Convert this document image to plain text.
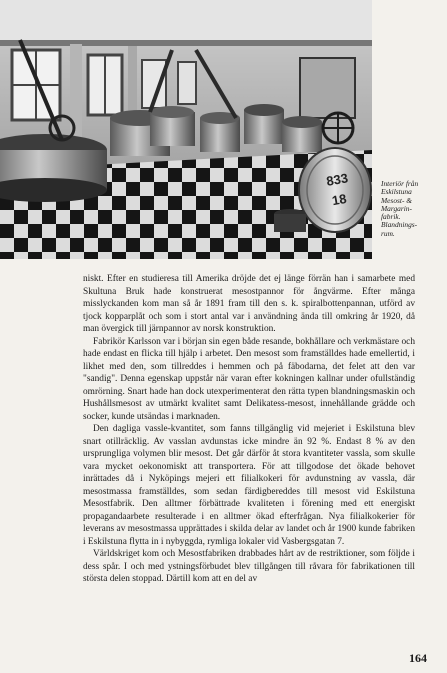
833
18
Interiör från
Eskilstuna
Mesost- &
Margarin-
fabrik.
Blandnings-
rum.

niskt. Efter en studieresa till Amerika dröjde det ej länge förrän han i samarbete med Skultuna Bruk hade konstruerat mesostpannor för ångvärme. Efter många misslyckanden kom man så år 1891 fram till den s. k. spiralbottenpannan, utförd av tjock kopparplåt och som i stort antal var i användning ända till omkring år 1920, då man övergick till järnpannor av norsk konstruktion.

Fabrikör Karlsson var i början sin egen både resande, bokhållare och verkmästare och hade endast en flicka till hjälp i arbetet. Den mesost som framställdes hade emellertid, i likhet med den, som tillreddes i hemmen och på fäbodarna, det felet att den var "sandig". Denna egenskap uppstår när varan efter kokningen kallnar under ofullständig omrörning. Snart hade han dock utexperimenterat den rätta typen blandningsmaskin och Hushållsmesost av utmärkt kvalitet samt Delikatess-mesost, innehållande grädde och socker, kunde utsändas i marknaden.

Den dagliga vassle-kvantitet, som fanns tillgänglig vid mejeriet i Eskilstuna blev snart otillräcklig. Av vasslan avdunstas icke mindre än 92 %. Endast 8 % av den ursprungliga volymen blir mesost. Det går därför åt stora kvantiteter vassla, som skulle vara mycket oekonomiskt att transportera. För att tillgodose det ökade behovet inrättades då i Nyköpings mejeri ett filialkokeri för avdunstning av vassla, där mesostmassa framställdes, som sedan färdigbereddes till mesost vid Eskilstuna Mesostfabrik. Den alltmer förbättrade kvaliteten i förening med ett energiskt propagandaarbete resulterade i en alltmer ökad efterfrågan. Nya filialkokerier för leverans av mesostmassa upprättades i skilda delar av landet och år 1900 kunde fabriken i Eskilstuna flytta in i nybyggda, rymliga lokaler vid Vasbergsgatan 7.

Världskriget kom och Mesostfabriken drabbades hårt av de restriktioner, som följde i dess spår. I och med ystningsförbudet blev tillgången till råvara för fabrikationen till största delen stoppad. Därtill kom att en del av

164
